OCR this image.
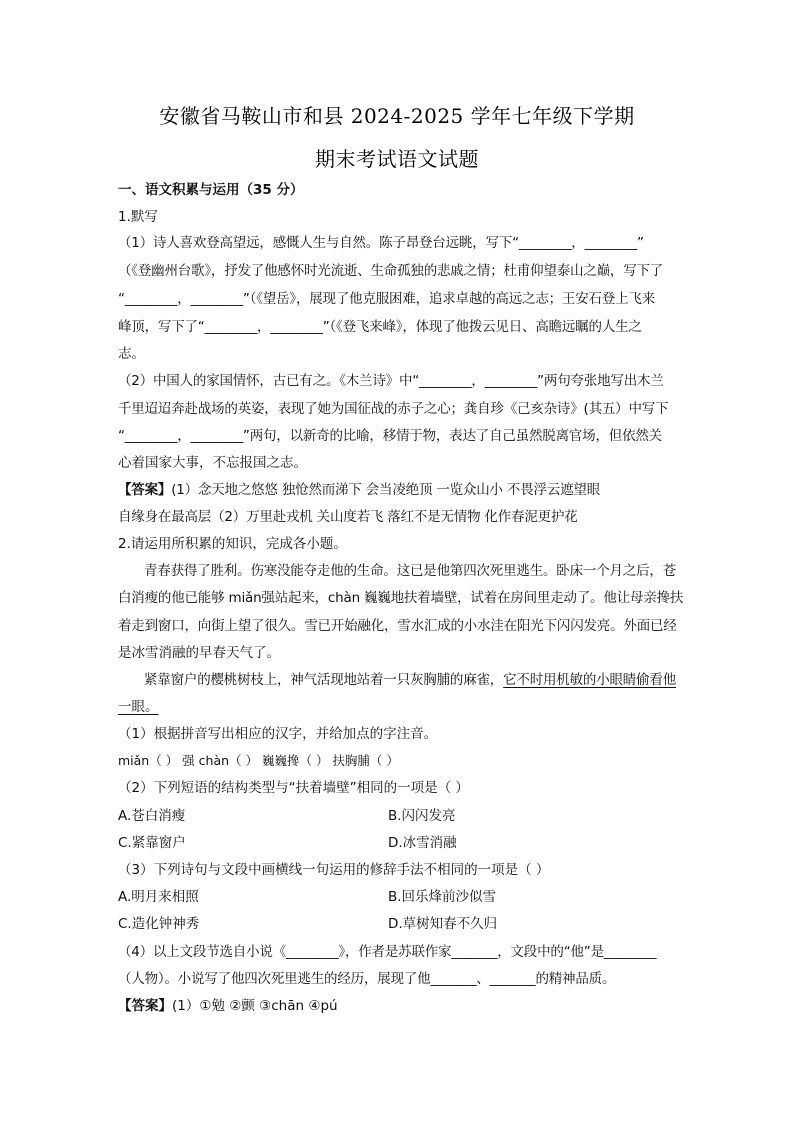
安徽省马鞍山市和县 2024-2025 学年七年级下学期
期末考试语文试题
一、语文积累与运用（35 分）
1.默写
（1）诗人喜欢登高望远，感慨人生与自然。陈子昂登台远眺，写下“________，________”
（《登幽州台歌》，抒发了他感怀时光流逝、生命孤独的悲戚之情；杜甫仰望泰山之巅，写下了
“________，________”（《望岳》，展现了他克服困难，追求卓越的高远之志；王安石登上飞来
峰顶，写下了“________，________”（《登飞来峰》，体现了他拨云见日、高瞻远瞩的人生之
志。
（2）中国人的家国情怀，古已有之。《木兰诗》中“________，________”两句夸张地写出木兰
千里迢迢奔赴战场的英姿，表现了她为国征战的赤子之心；龚自珍《己亥杂诗》(其五）中写下
“________，________”两句，以新奇的比喻，移情于物，表达了自己虽然脱离官场，但依然关
心着国家大事，不忘报国之志。
【答案】(1）念天地之悠悠 独怆然而涕下 会当凌绝顶 一览众山小 不畏浮云遮望眼
自缘身在最高层（2）万里赴戎机 关山度若飞 落红不是无情物 化作春泥更护花
2.请运用所积累的知识，完成各小题。
青春获得了胜利。伤寒没能夺走他的生命。这已是他第四次死里逃生。卧床一个月之后，苍
白消瘦的他已能够 miǎn强站起来，chàn 巍巍地扶着墙壁，试着在房间里走动了。他让母亲搀扶
着走到窗口，向街上望了很久。雪已开始融化，雪水汇成的小水洼在阳光下闪闪发亮。外面已经
是冰雪消融的早春天气了。
紧靠窗户的樱桃树枝上，神气活现地站着一只灰胸脯的麻雀，它不时用机敏的小眼睛偷看他
一眼。
（1）根据拼音写出相应的汉字，并给加点的字注音。
miǎn（ ） 强 chàn（ ） 巍巍搀（ ） 扶胸脯（ ）
（2）下列短语的结构类型与“扶着墙壁”相同的一项是（ ）
A.苍白消瘦	B.闪闪发亮
C.紧靠窗户	D.冰雪消融
（3）下列诗句与文段中画横线一句运用的修辞手法不相同的一项是（ ）
A.明月来相照	B.回乐烽前沙似雪
C.造化钟神秀	D.草树知春不久归
（4）以上文段节选自小说《________》，作者是苏联作家_______，文段中的“他”是________
（人物）。小说写了他四次死里逃生的经历，展现了他_______、_______的精神品质。
【答案】(1）①勉 ②颤 ③chān ④pú
